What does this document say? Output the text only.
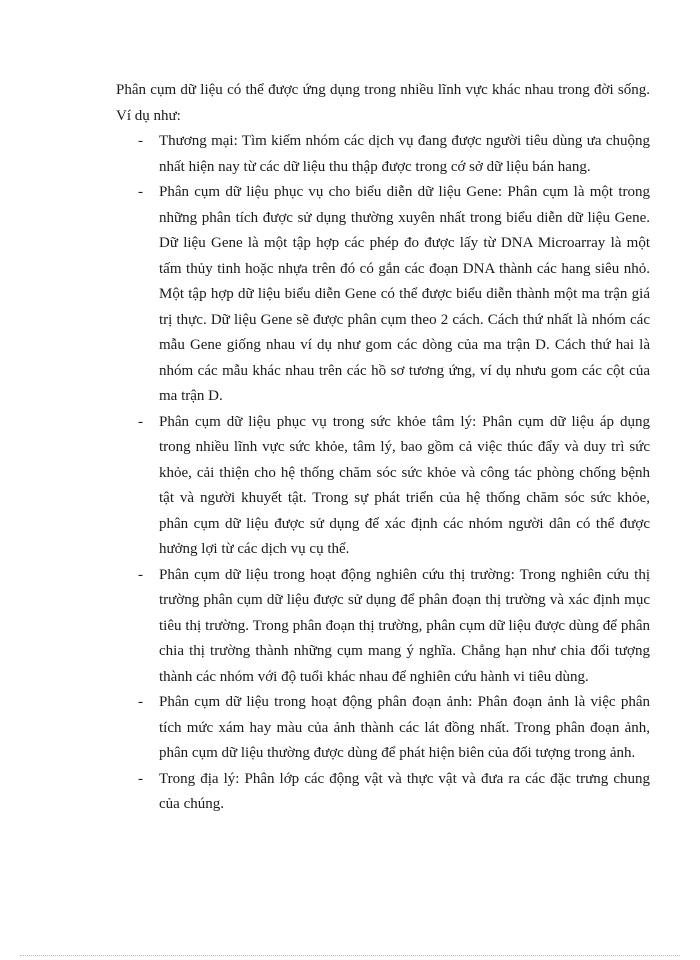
Phân cụm dữ liệu có thể được ứng dụng trong nhiều lĩnh vực khác nhau trong đời sống. Ví dụ như:

- Thương mại: Tìm kiếm nhóm các dịch vụ đang được người tiêu dùng ưa chuộng nhất hiện nay từ các dữ liệu thu thập được trong cớ sở dữ liệu bán hang.
- Phân cụm dữ liệu phục vụ cho biểu diễn dữ liệu Gene: Phân cụm là một trong những phân tích được sử dụng thường xuyên nhất trong biểu diễn dữ liệu Gene. Dữ liệu Gene là một tập hợp các phép đo được lấy từ DNA Microarray là một tấm thủy tinh hoặc nhựa trên đó có gắn các đoạn DNA thành các hang siêu nhỏ. Một tập hợp dữ liệu biểu diễn Gene có thể được biểu diễn thành một ma trận giá trị thực. Dữ liệu Gene sẽ được phân cụm theo 2 cách. Cách thứ nhất là nhóm các mẫu Gene giống nhau ví dụ như gom các dòng của ma trận D. Cách thứ hai là nhóm các mẫu khác nhau trên các hồ sơ tương ứng, ví dụ nhưu gom các cột của ma trận D.
- Phân cụm dữ liệu phục vụ trong sức khỏe tâm lý: Phân cụm dữ liệu áp dụng trong nhiều lĩnh vực sức khỏe, tâm lý, bao gồm cả việc thúc đẩy và duy trì sức khỏe, cải thiện cho hệ thống chăm sóc sức khỏe và công tác phòng chống bệnh tật và người khuyết tật. Trong sự phát triển của hệ thống chăm sóc sức khỏe, phân cụm dữ liệu được sử dụng để xác định các nhóm người dân có thể được hưởng lợi từ các dịch vụ cụ thể.
- Phân cụm dữ liệu trong hoạt động nghiên cứu thị trường: Trong nghiên cứu thị trường phân cụm dữ liệu được sử dụng để phân đoạn thị trường và xác định mục tiêu thị trường. Trong phân đoạn thị trường, phân cụm dữ liệu được dùng để phân chia thị trường thành những cụm mang ý nghĩa. Chẳng hạn như chia đối tượng thành các nhóm với độ tuổi khác nhau để nghiên cứu hành vi tiêu dùng.
- Phân cụm dữ liệu trong hoạt động phân đoạn ảnh: Phân đoạn ảnh là việc phân tích mức xám hay màu của ảnh thành các lát đồng nhất. Trong phân đoạn ảnh, phân cụm dữ liệu thường được dùng để phát hiện biên của đối tượng trong ảnh.
- Trong địa lý: Phân lớp các động vật và thực vật và đưa ra các đặc trưng chung của chúng.
